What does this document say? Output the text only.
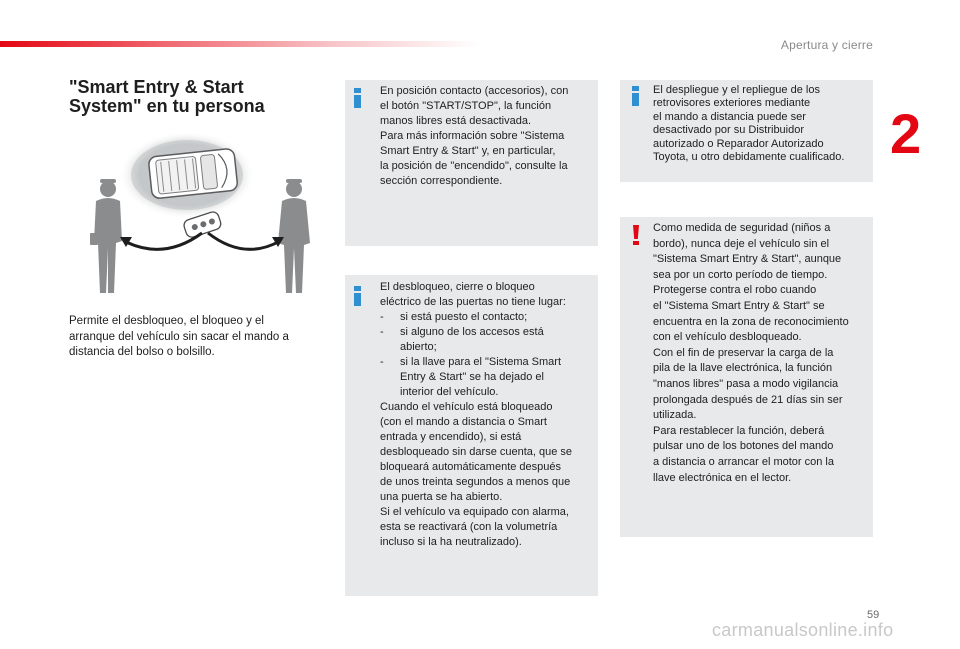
Apertura y cierre
2
"Smart Entry & Start
System" en tu persona
Permite el desbloqueo, el bloqueo y el arranque del vehículo sin sacar el mando a distancia del bolso o bolsillo.

En posición contacto (accesorios), con

el botón "START/STOP", la función

manos libres está desactivada.

Para más información sobre "Sistema

Smart Entry & Start" y, en particular,

la posición de "encendido", consulte la

sección correspondiente.

El desbloqueo, cierre o bloqueo

eléctrico de las puertas no tiene lugar:

-	si está puesto el contacto;
-	si alguno de los accesos está

abierto;

-	si la llave para el "Sistema Smart

Entry & Start" se ha dejado el

interior del vehículo.

Cuando el vehículo está bloqueado

(con el mando a distancia o Smart

entrada y encendido), si está

desbloqueado sin darse cuenta, que se

bloqueará automáticamente después

de unos treinta segundos a menos que

una puerta se ha abierto.

Si el vehículo va equipado con alarma,

esta se reactivará (con la volumetría

incluso si la ha neutralizado).

El despliegue y el repliegue de los

retrovisores exteriores mediante

el mando a distancia puede ser

desactivado por su Distribuidor

autorizado o Reparador Autorizado

Toyota, u otro debidamente cualificado.

Como medida de seguridad (niños a

bordo), nunca deje el vehículo sin el

"Sistema Smart Entry & Start", aunque

sea por un corto período de tiempo.

Protegerse contra el robo cuando

el "Sistema Smart Entry & Start" se

encuentra en la zona de reconocimiento

con el vehículo desbloqueado.

Con el fin de preservar la carga de la

pila de la llave electrónica, la función

"manos libres" pasa a modo vigilancia

prolongada después de 21 días sin ser

utilizada.

Para restablecer la función, deberá

pulsar uno de los botones del mando

a distancia o arrancar el motor con la

llave electrónica en el lector.

59
carmanualsonline.info
